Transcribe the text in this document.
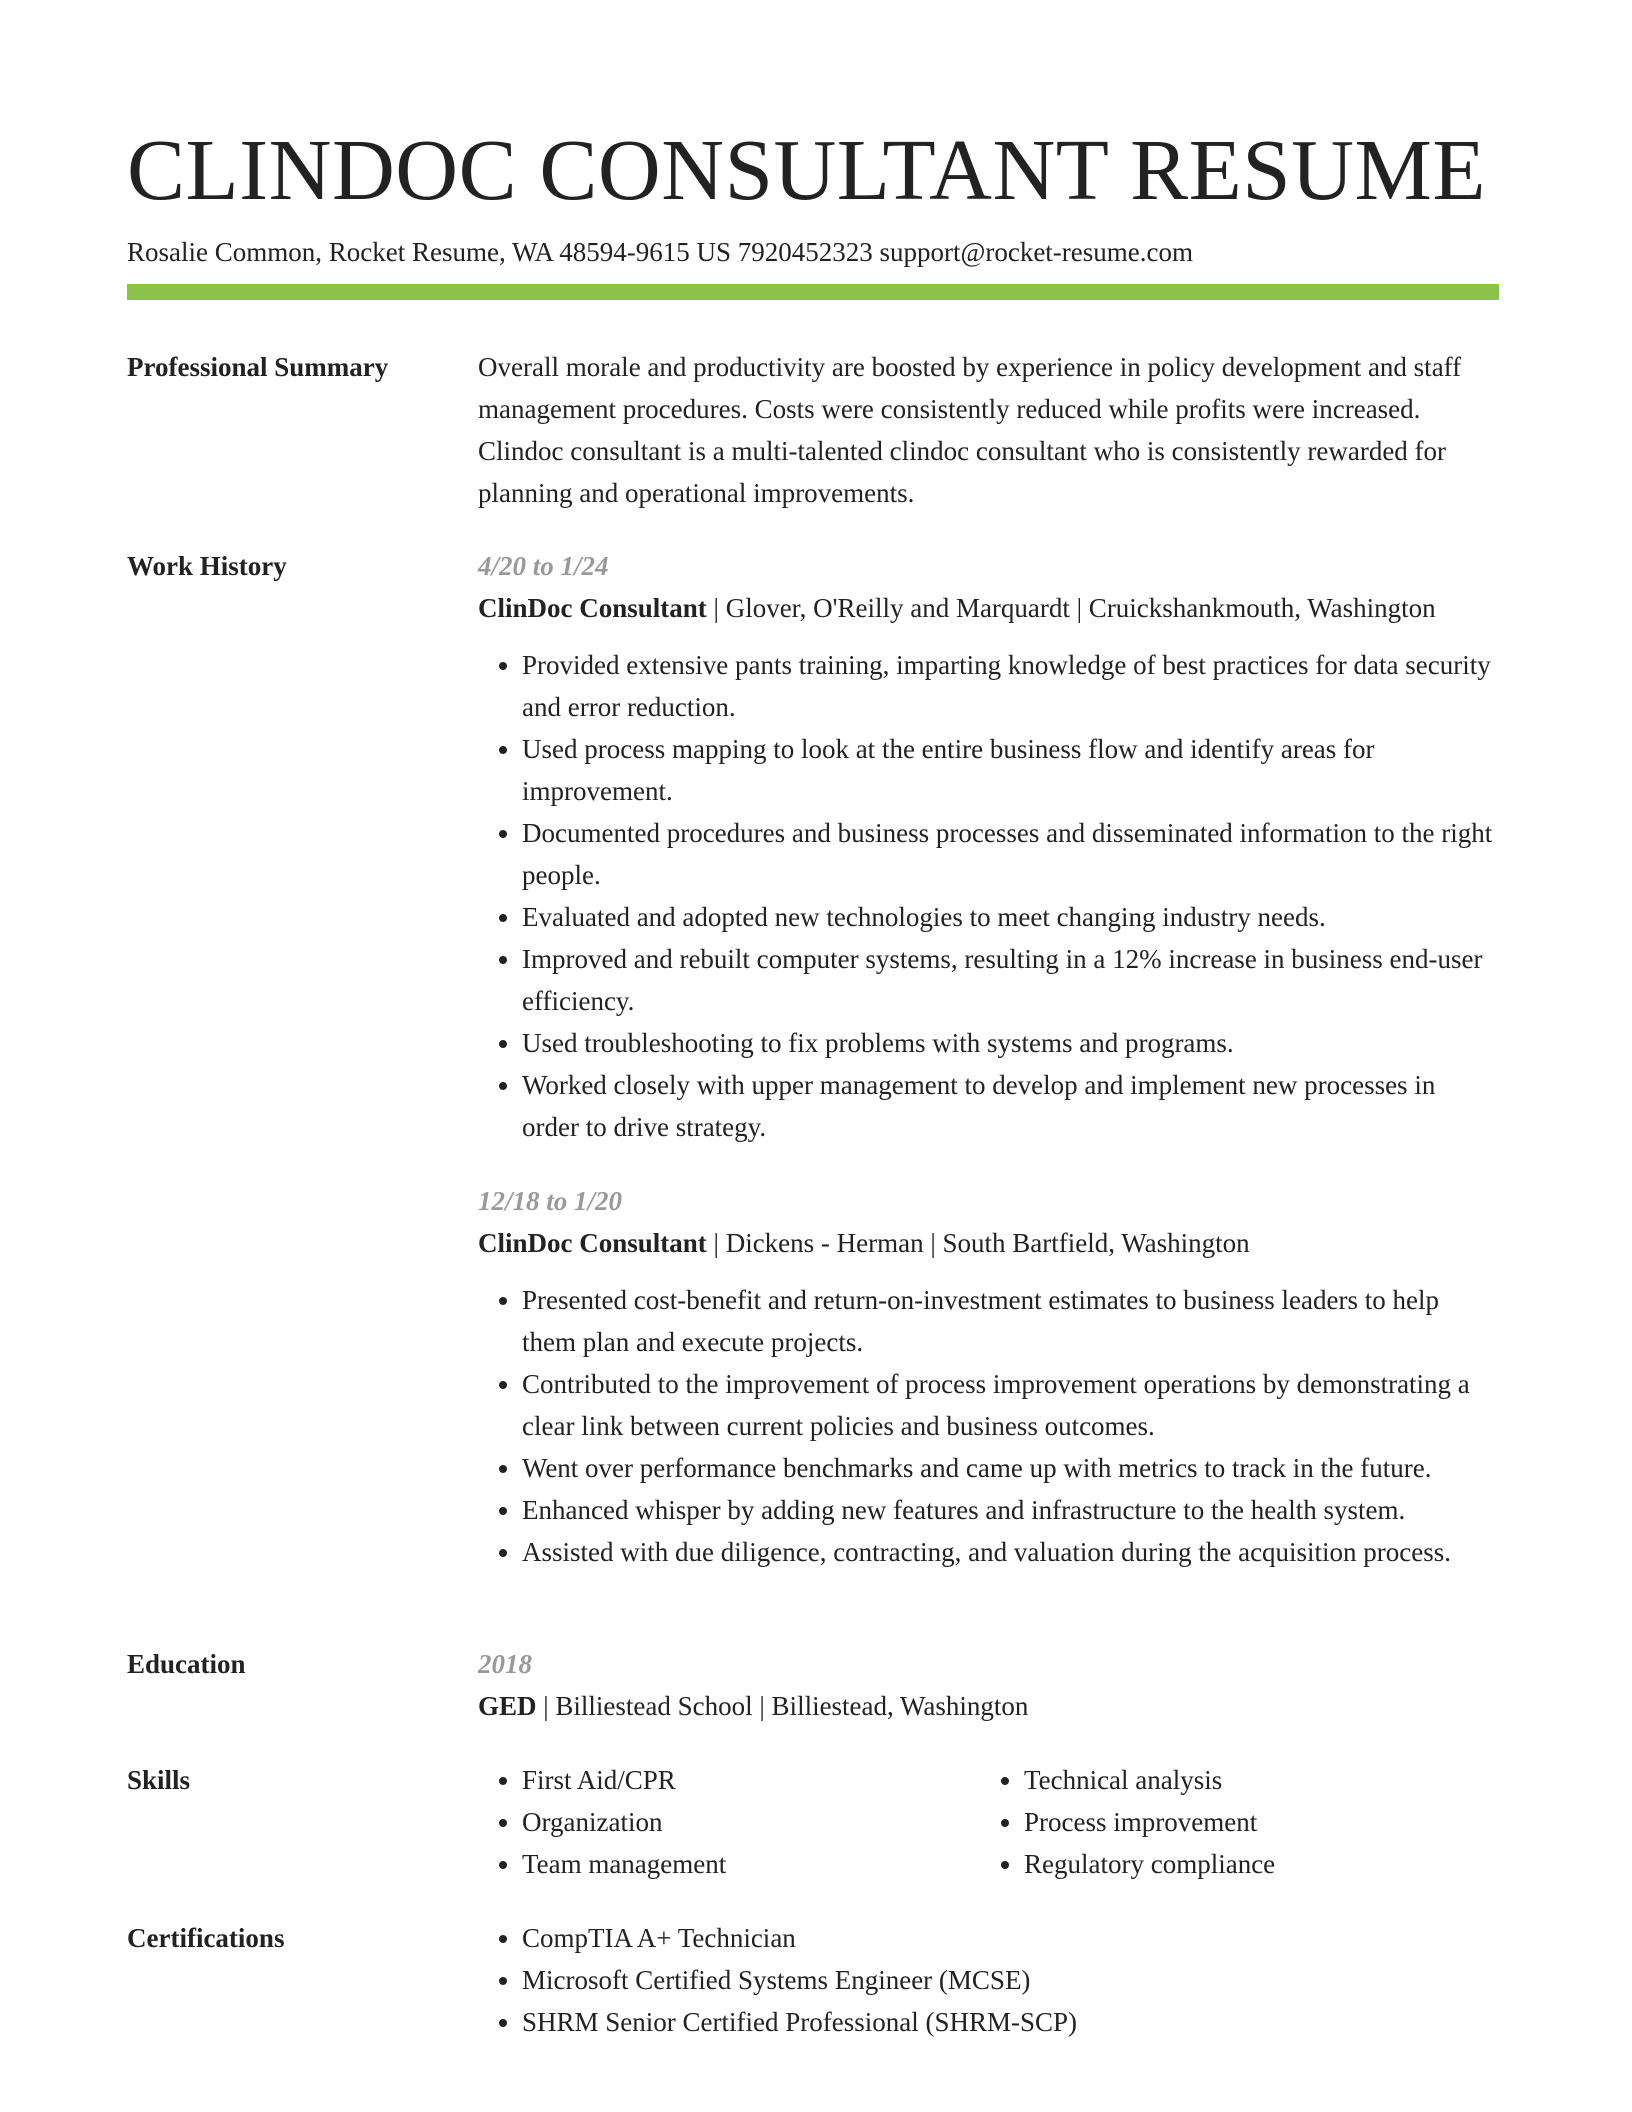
CLINDOC CONSULTANT RESUME
Rosalie Common, Rocket Resume, WA 48594-9615 US 7920452323 support@rocket-resume.com
Professional Summary	Overall morale and productivity are boosted by experience in policy development and staff management procedures. Costs were consistently reduced while profits were increased. Clindoc consultant is a multi-talented clindoc consultant who is consistently rewarded for planning and operational improvements.

Work History	4/20 to 1/24
ClinDoc Consultant | Glover, O'Reilly and Marquardt | Cruickshankmouth, Washington
• Provided extensive pants training, imparting knowledge of best practices for data security and error reduction.
• Used process mapping to look at the entire business flow and identify areas for improvement.
• Documented procedures and business processes and disseminated information to the right people.
• Evaluated and adopted new technologies to meet changing industry needs.
• Improved and rebuilt computer systems, resulting in a 12% increase in business end-user efficiency.
• Used troubleshooting to fix problems with systems and programs.
• Worked closely with upper management to develop and implement new processes in order to drive strategy.
12/18 to 1/20
ClinDoc Consultant | Dickens - Herman | South Bartfield, Washington
• Presented cost-benefit and return-on-investment estimates to business leaders to help them plan and execute projects.
• Contributed to the improvement of process improvement operations by demonstrating a clear link between current policies and business outcomes.
• Went over performance benchmarks and came up with metrics to track in the future.
• Enhanced whisper by adding new features and infrastructure to the health system.
• Assisted with due diligence, contracting, and valuation during the acquisition process.
Education	2018
GED | Billiestead School | Billiestead, Washington
Skills	• First Aid/CPR
• Organization
• Team management
• Technical analysis
• Process improvement
• Regulatory compliance
Certifications	• CompTIA A+ Technician
• Microsoft Certified Systems Engineer (MCSE)
• SHRM Senior Certified Professional (SHRM-SCP)
